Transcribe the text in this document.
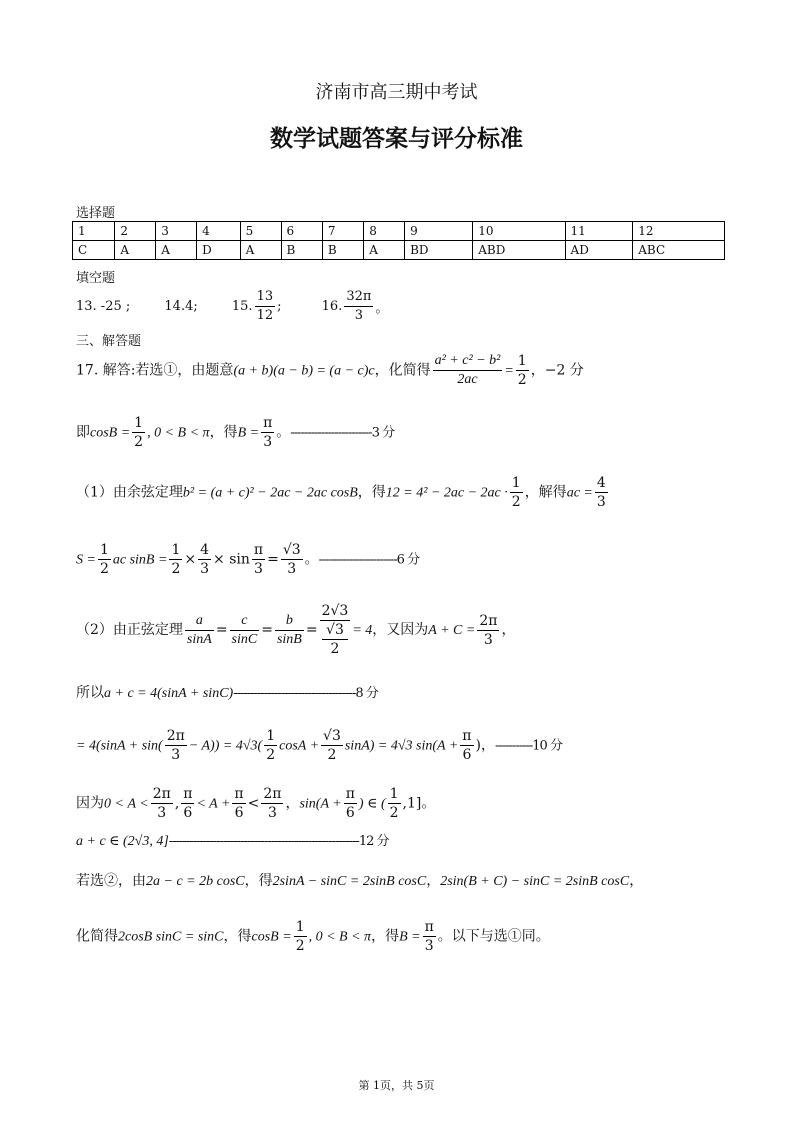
济南市高三期中考试
数学试题答案与评分标准
选择题
1	2	3	4	5	6	7	8	9	10	11	12
C	A	A	D	A	B	B	A	BD	ABD	AD	ABC
填空题
13. -25 ;	14.4;	15. $\frac{13}{12}$ ;	16. $\frac{32\pi}{3}$ 。
三、解答题
17. 解答:若选①，由题意(a + b)(a − b) = (a − c)c，化简得 $\frac{\text{a² + c² − b²}}{2ac} = \frac{1}{2}$ ，−2 分
即$\cos B = \frac{1}{2}$ , 0 < B < π，得$B = \frac{\pi}{3}$ 。------------------------3 分
（1）由余弦定理b² = (a + c)² − 2ac − 2ac cosB，得$12 = 4^2 - 2ac - 2ac \cdot \frac{1}{2}$ ，解得ac = $\frac{4}{3}$
$S = \frac{1}{2}$ ac $\sin B = \frac{1}{2} \times \frac{4}{3} \times \sin \frac{\pi}{3} = \frac{√3}{3}$ 。-----------------------6 分
（2）由正弦定理 $\frac{a}{\sin A} = \frac{c}{\sin C} = \frac{b}{\sin B} = 2√3$
√3
2 = 4，又因为$A + C = \frac{2\pi}{3}$ ，
所以a + c = 4(sinA + sinC)------------------------------------8 分
= $4(\sin A + \sin( \frac{2\pi}{3} - A)) = 4√3( \frac{1}{2}$ $\cos A + \frac{√3}{2} \sin A) = 4√3$ $\sin(A + \frac{\pi}{6}$ )，-----------10 分
因为$0 < A < \frac{2\pi}{3}$ , $\frac{\pi}{6} < A + \frac{\pi}{6} < \frac{2\pi}{3}$ ，$\sin(A + \frac{\pi}{6}$ ) ∈ ( $\frac{1}{2} ,1$]。
a + c ∈ (2√3, 4]--------------------------------------------------------12 分
若选②，由2a − c = 2b cosC，得2sinA − sinC = 2sinB cosC，2sin(B + C) − sinC = 2sinB cosC，
化简得2cosB sinC = sinC，得$\cos B = \frac{1}{2}$ , 0 < B < π，得$B = \frac{\pi}{3}$ 。以下与选①同。
第 1页，共 5页
